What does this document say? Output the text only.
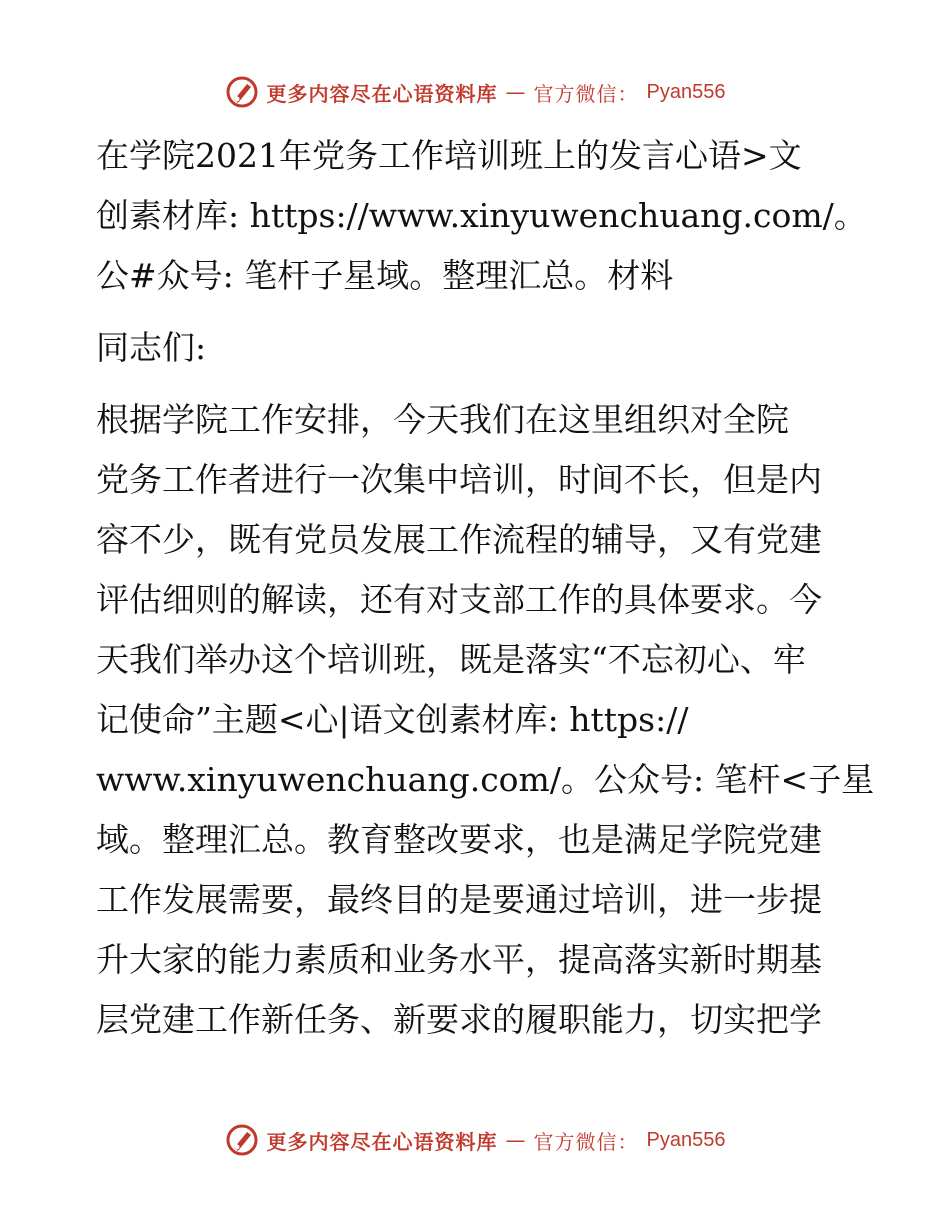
更多内容尽在心语资料库 — 官方微信： Pyan556
在学院2021年党务工作培训班上的发言心语>文
创素材库: https://www.xinyuwenchuang.com/。
公#众号: 笔杆子星域。整理汇总。材料
同志们:
根据学院工作安排，今天我们在这里组织对全院
党务工作者进行一次集中培训，时间不长，但是内
容不少，既有党员发展工作流程的辅导，又有党建
评估细则的解读，还有对支部工作的具体要求。今
天我们举办这个培训班，既是落实“不忘初心、牢
记使命”主题<心|语文创素材库: https://
www.xinyuwenchuang.com/。公众号: 笔杆<子星
域。整理汇总。教育整改要求，也是满足学院党建
工作发展需要，最终目的是要通过培训，进一步提
升大家的能力素质和业务水平，提高落实新时期基
层党建工作新任务、新要求的履职能力，切实把学
更多内容尽在心语资料库 — 官方微信： Pyan556
